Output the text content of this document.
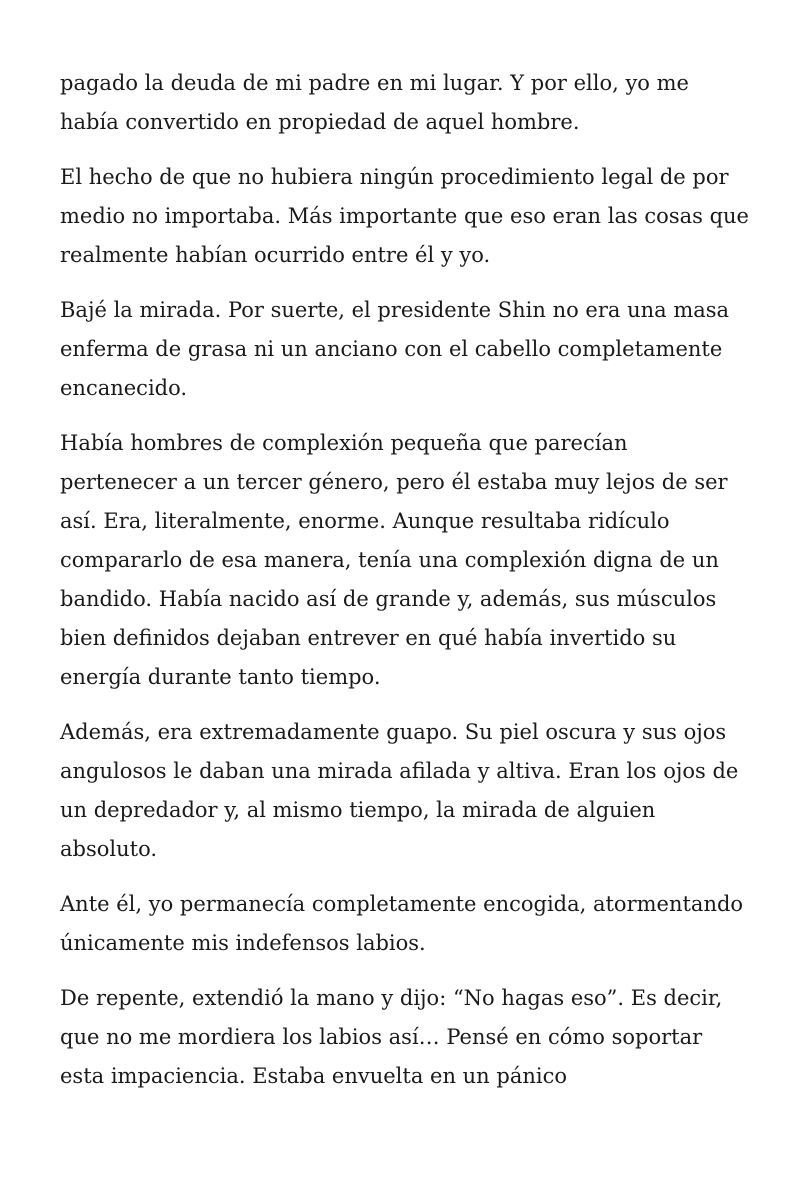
pagado la deuda de mi padre en mi lugar. Y por ello, yo me había convertido en propiedad de aquel hombre.

El hecho de que no hubiera ningún procedimiento legal de por medio no importaba. Más importante que eso eran las cosas que realmente habían ocurrido entre él y yo.

Bajé la mirada. Por suerte, el presidente Shin no era una masa enferma de grasa ni un anciano con el cabello completamente encanecido.

Había hombres de complexión pequeña que parecían pertenecer a un tercer género, pero él estaba muy lejos de ser así. Era, literalmente, enorme. Aunque resultaba ridículo compararlo de esa manera, tenía una complexión digna de un bandido. Había nacido así de grande y, además, sus músculos bien definidos dejaban entrever en qué había invertido su energía durante tanto tiempo.

Además, era extremadamente guapo. Su piel oscura y sus ojos angulosos le daban una mirada afilada y altiva. Eran los ojos de un depredador y, al mismo tiempo, la mirada de alguien absoluto.

Ante él, yo permanecía completamente encogida, atormentando únicamente mis indefensos labios.

De repente, extendió la mano y dijo: “No hagas eso”. Es decir, que no me mordiera los labios así… Pensé en cómo soportar esta impaciencia. Estaba envuelta en un pánico
